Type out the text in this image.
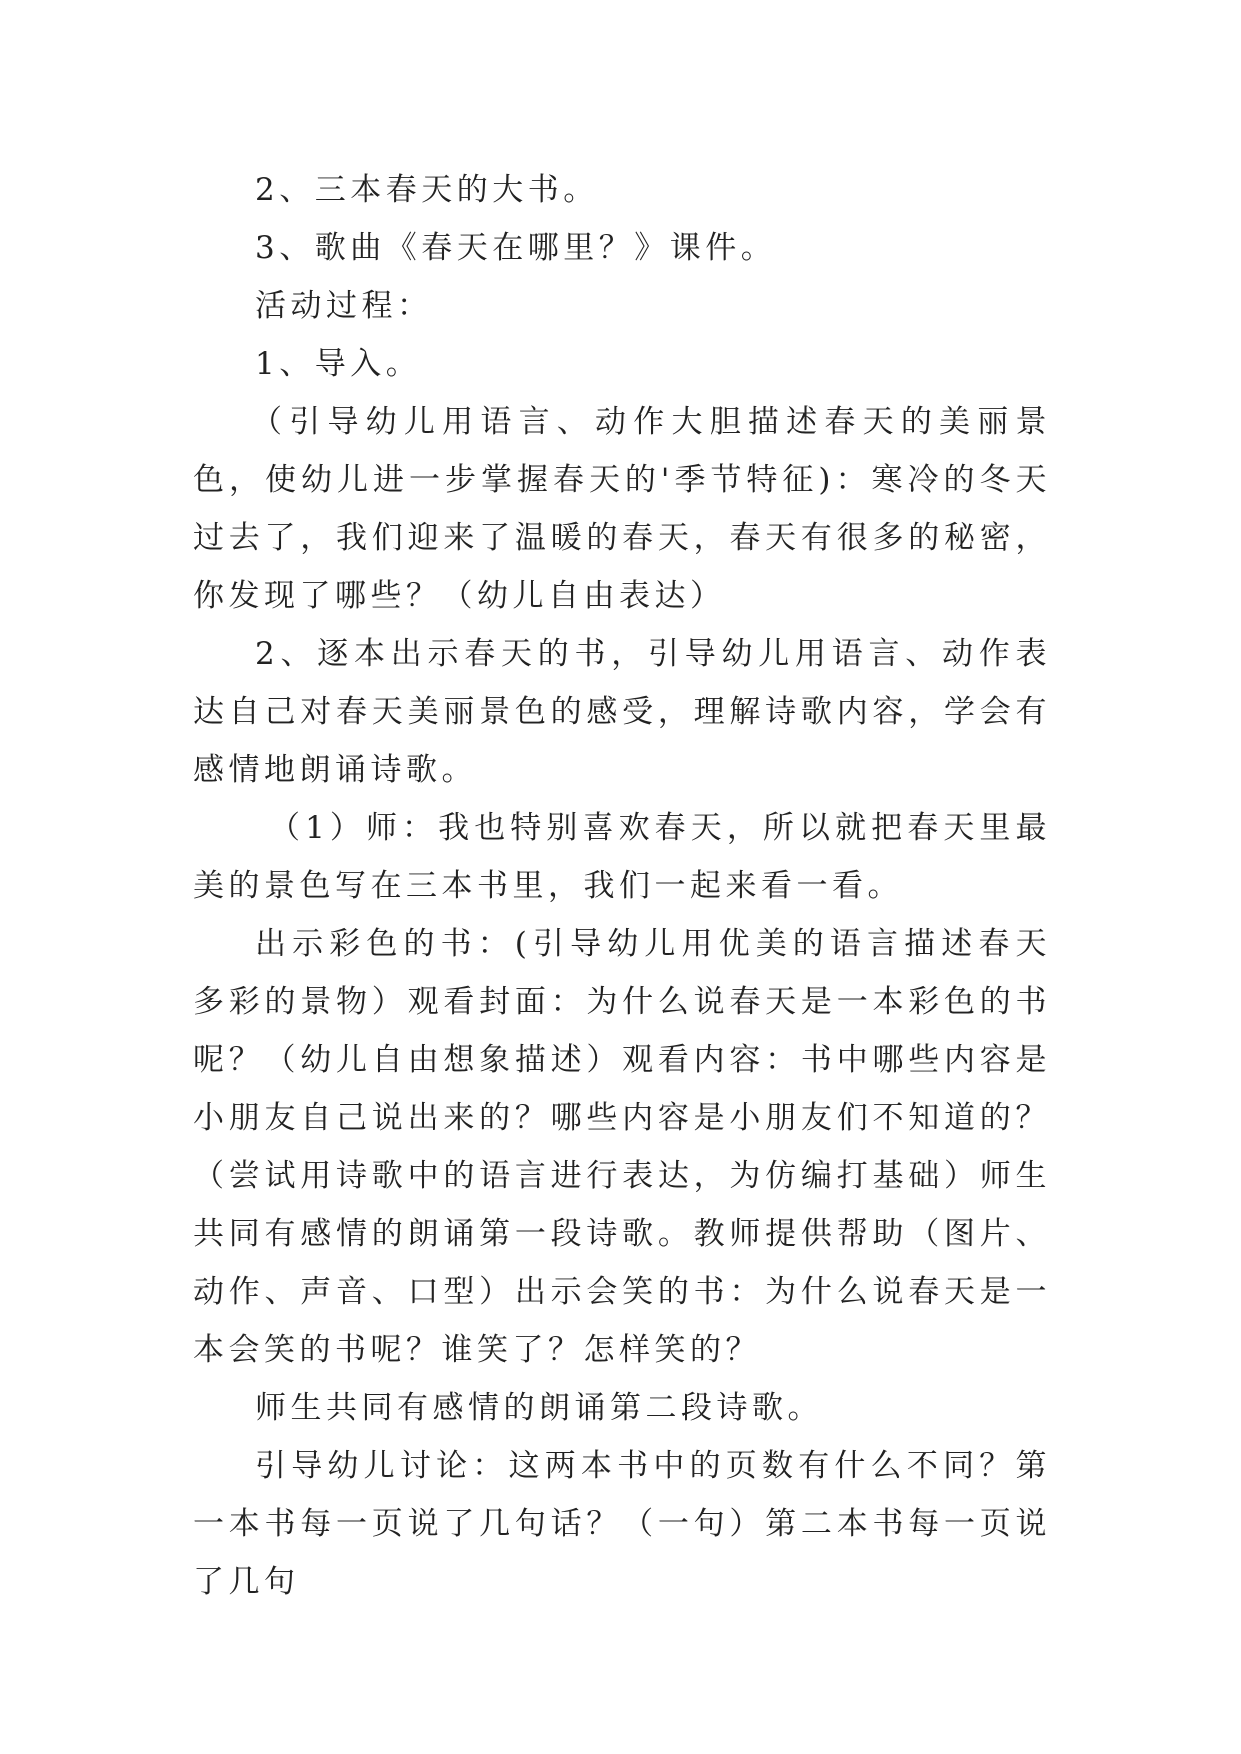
2、三本春天的大书。

3、歌曲《春天在哪里？》课件。

活动过程：

1、导入。

（引导幼儿用语言、动作大胆描述春天的美丽景色，使幼儿进一步掌握春天的'季节特征)：寒冷的冬天过去了，我们迎来了温暖的春天，春天有很多的秘密，你发现了哪些？（幼儿自由表达）

2、逐本出示春天的书，引导幼儿用语言、动作表达自己对春天美丽景色的感受，理解诗歌内容，学会有感情地朗诵诗歌。

（1）师：我也特别喜欢春天，所以就把春天里最美的景色写在三本书里，我们一起来看一看。

出示彩色的书：(引导幼儿用优美的语言描述春天多彩的景物）观看封面：为什么说春天是一本彩色的书呢？（幼儿自由想象描述）观看内容：书中哪些内容是小朋友自己说出来的？哪些内容是小朋友们不知道的？（尝试用诗歌中的语言进行表达，为仿编打基础）师生共同有感情的朗诵第一段诗歌。教师提供帮助（图片、动作、声音、口型）出示会笑的书：为什么说春天是一本会笑的书呢？谁笑了？怎样笑的？

师生共同有感情的朗诵第二段诗歌。

引导幼儿讨论：这两本书中的页数有什么不同？第一本书每一页说了几句话？（一句）第二本书每一页说了几句
